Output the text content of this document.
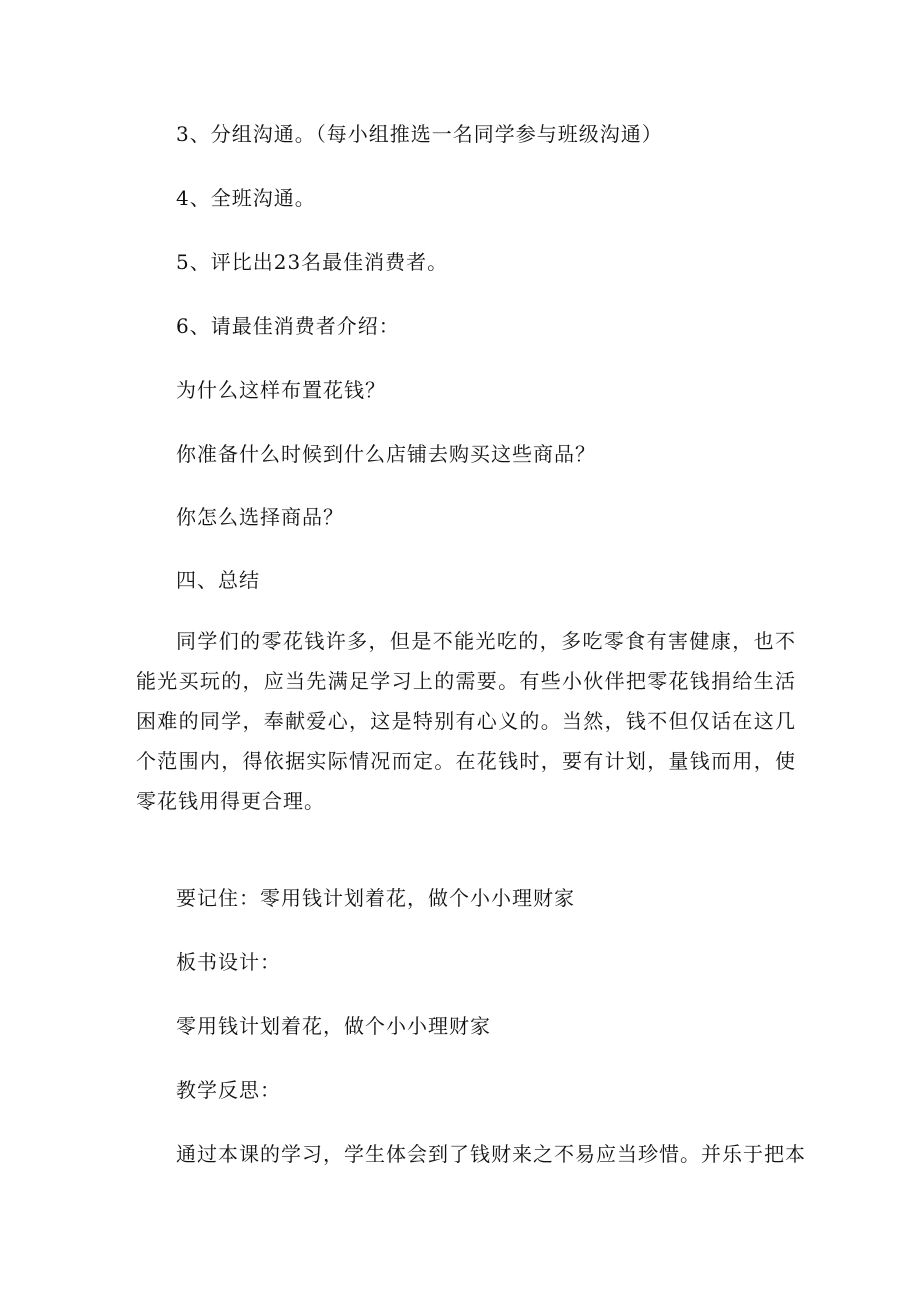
3、分组沟通。（每小组推选一名同学参与班级沟通）
4、全班沟通。
5、评比出23名最佳消费者。
6、请最佳消费者介绍：
为什么这样布置花钱？
你准备什么时候到什么店铺去购买这些商品？
你怎么选择商品？
四、总结
同学们的零花钱许多，但是不能光吃的，多吃零食有害健康，也不能光买玩的，应当先满足学习上的需要。有些小伙伴把零花钱捐给生活困难的同学，奉献爱心，这是特别有心义的。当然，钱不但仅话在这几个范围内，得依据实际情况而定。在花钱时，要有计划，量钱而用，使零花钱用得更合理。
要记住：零用钱计划着花，做个小小理财家
板书设计：
零用钱计划着花，做个小小理财家
教学反思：
通过本课的学习，学生体会到了钱财来之不易应当珍惜。并乐于把本
